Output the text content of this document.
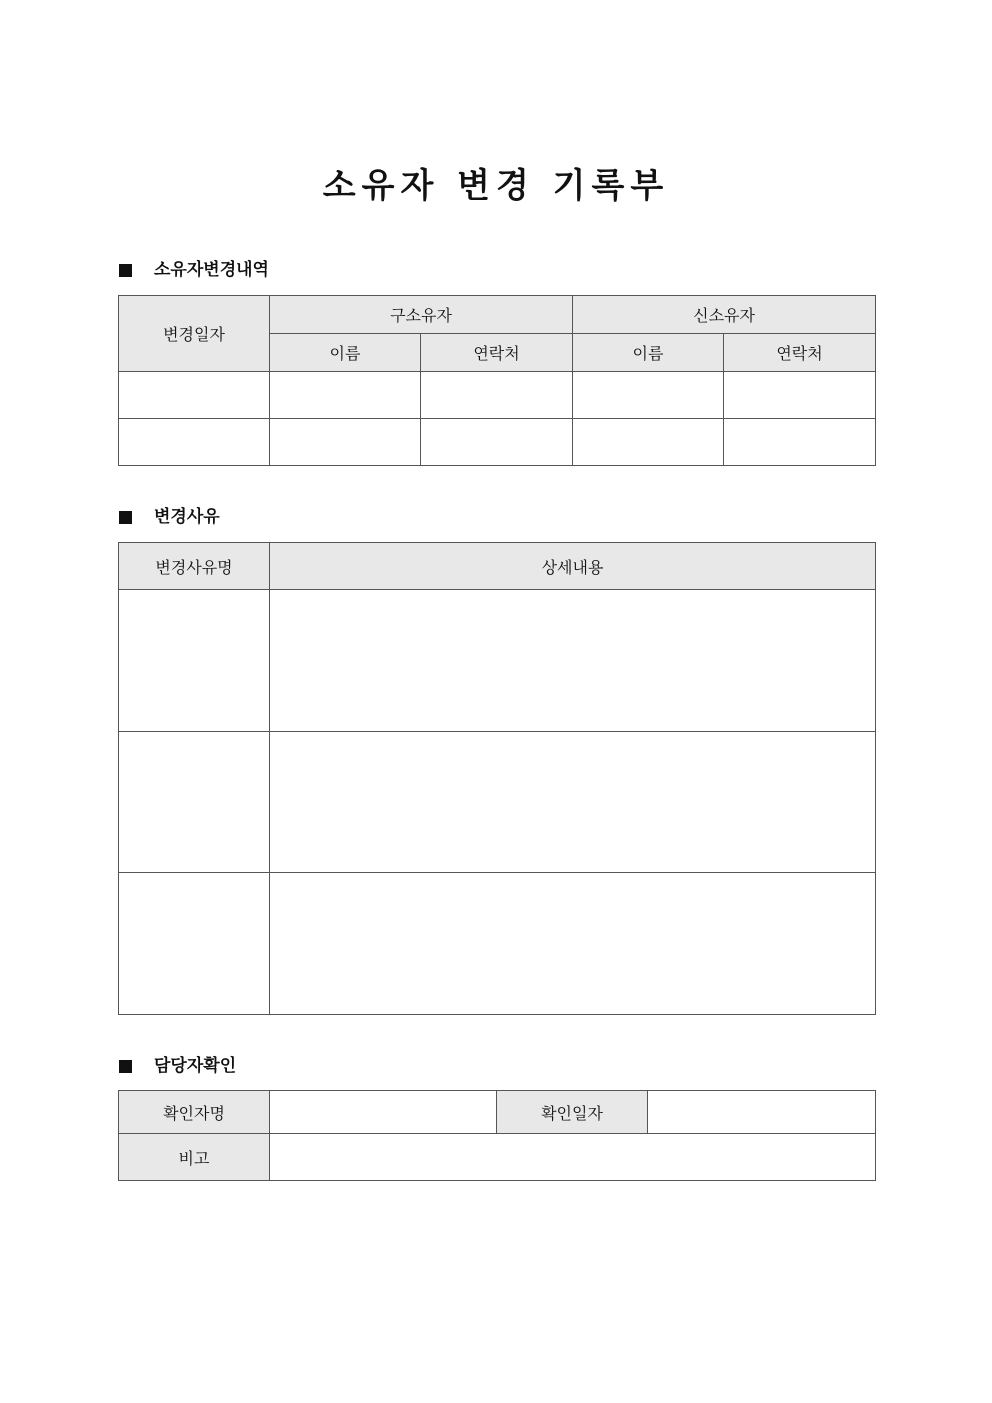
소유자 변경 기록부
소유자변경내역
변경일자	구소유자		신소유자	
	이름	연락처	이름	연락처

변경사유
변경사유명	상세내용

담당자확인
확인자명		확인일자	
비고			
